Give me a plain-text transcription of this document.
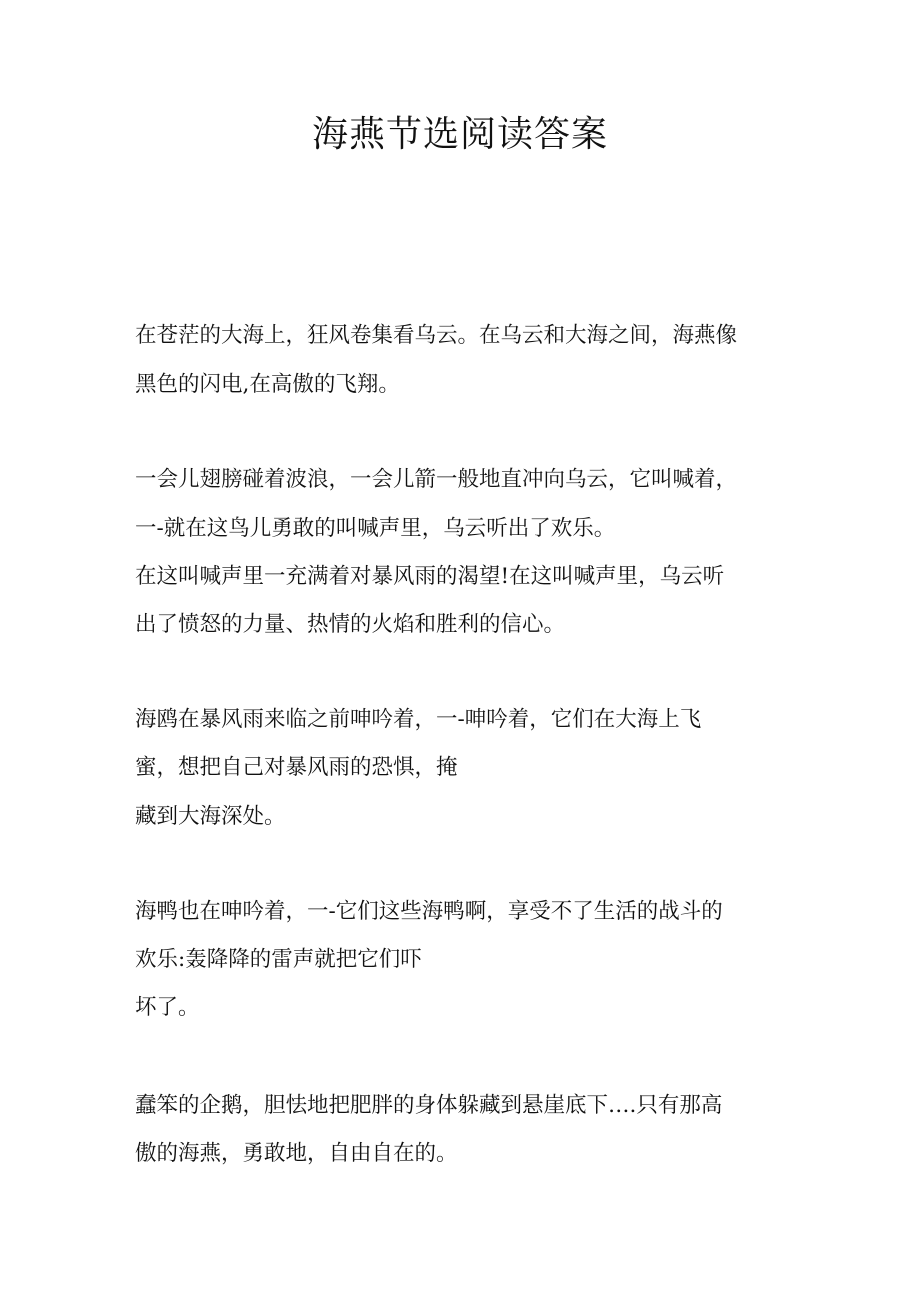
海燕节选阅读答案

在苍茫的大海上，狂风卷集看乌云。在乌云和大海之间，海燕像

黑色的闪电,在高傲的飞翔。

一会儿翅膀碰着波浪，一会儿箭一般地直冲向乌云，它叫喊着，

一-就在这鸟儿勇敢的叫喊声里，乌云听出了欢乐。

在这叫喊声里一充满着对暴风雨的渴望!在这叫喊声里，乌云听

出了愤怒的力量、热情的火焰和胜利的信心。

海鸥在暴风雨来临之前呻吟着，一-呻吟着，它们在大海上飞

蜜，想把自己对暴风雨的恐惧，掩

藏到大海深处。

海鸭也在呻吟着，一-它们这些海鸭啊，享受不了生活的战斗的

欢乐:轰降降的雷声就把它们吓

坏了。

蠢笨的企鹅，胆怯地把肥胖的身体躲藏到悬崖底下….只有那高

傲的海燕，勇敢地，自由自在的。
